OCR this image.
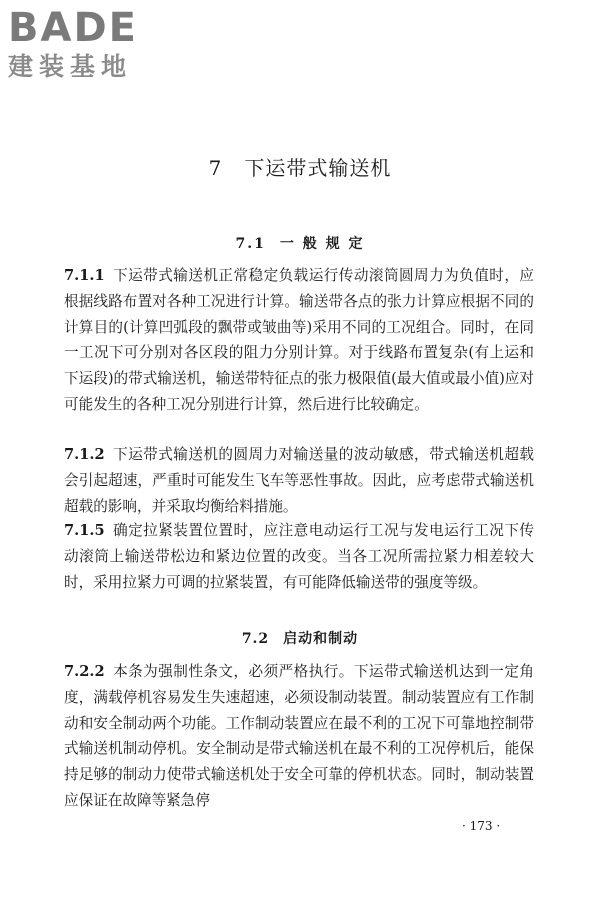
BADE
建装基地
7 下运带式输送机
7.1 一 般 规 定

7.1.1 下运带式输送机正常稳定负载运行传动滚筒圆周力为负值时，应根据线路布置对各种工况进行计算。输送带各点的张力计算应根据不同的计算目的(计算凹弧段的飘带或皱曲等)采用不同的工况组合。同时，在同一工况下可分别对各区段的阻力分别计算。对于线路布置复杂(有上运和下运段)的带式输送机，输送带特征点的张力极限值(最大值或最小值)应对可能发生的各种工况分别进行计算，然后进行比较确定。

7.1.2 下运带式输送机的圆周力对输送量的波动敏感，带式输送机超载会引起超速，严重时可能发生飞车等恶性事故。因此，应考虑带式输送机超载的影响，并采取均衡给料措施。

7.1.5 确定拉紧装置位置时，应注意电动运行工况与发电运行工况下传动滚筒上输送带松边和紧边位置的改变。当各工况所需拉紧力相差较大时，采用拉紧力可调的拉紧装置，有可能降低输送带的强度等级。

7.2 启动和制动

7.2.2 本条为强制性条文，必须严格执行。下运带式输送机达到一定角度，满载停机容易发生失速超速，必须设制动装置。制动装置应有工作制动和安全制动两个功能。工作制动装置应在最不利的工况下可靠地控制带式输送机制动停机。安全制动是带式输送机在最不利的工况停机后，能保持足够的制动力使带式输送机处于安全可靠的停机状态。同时，制动装置应保证在故障等紧急停

· 173 ·
